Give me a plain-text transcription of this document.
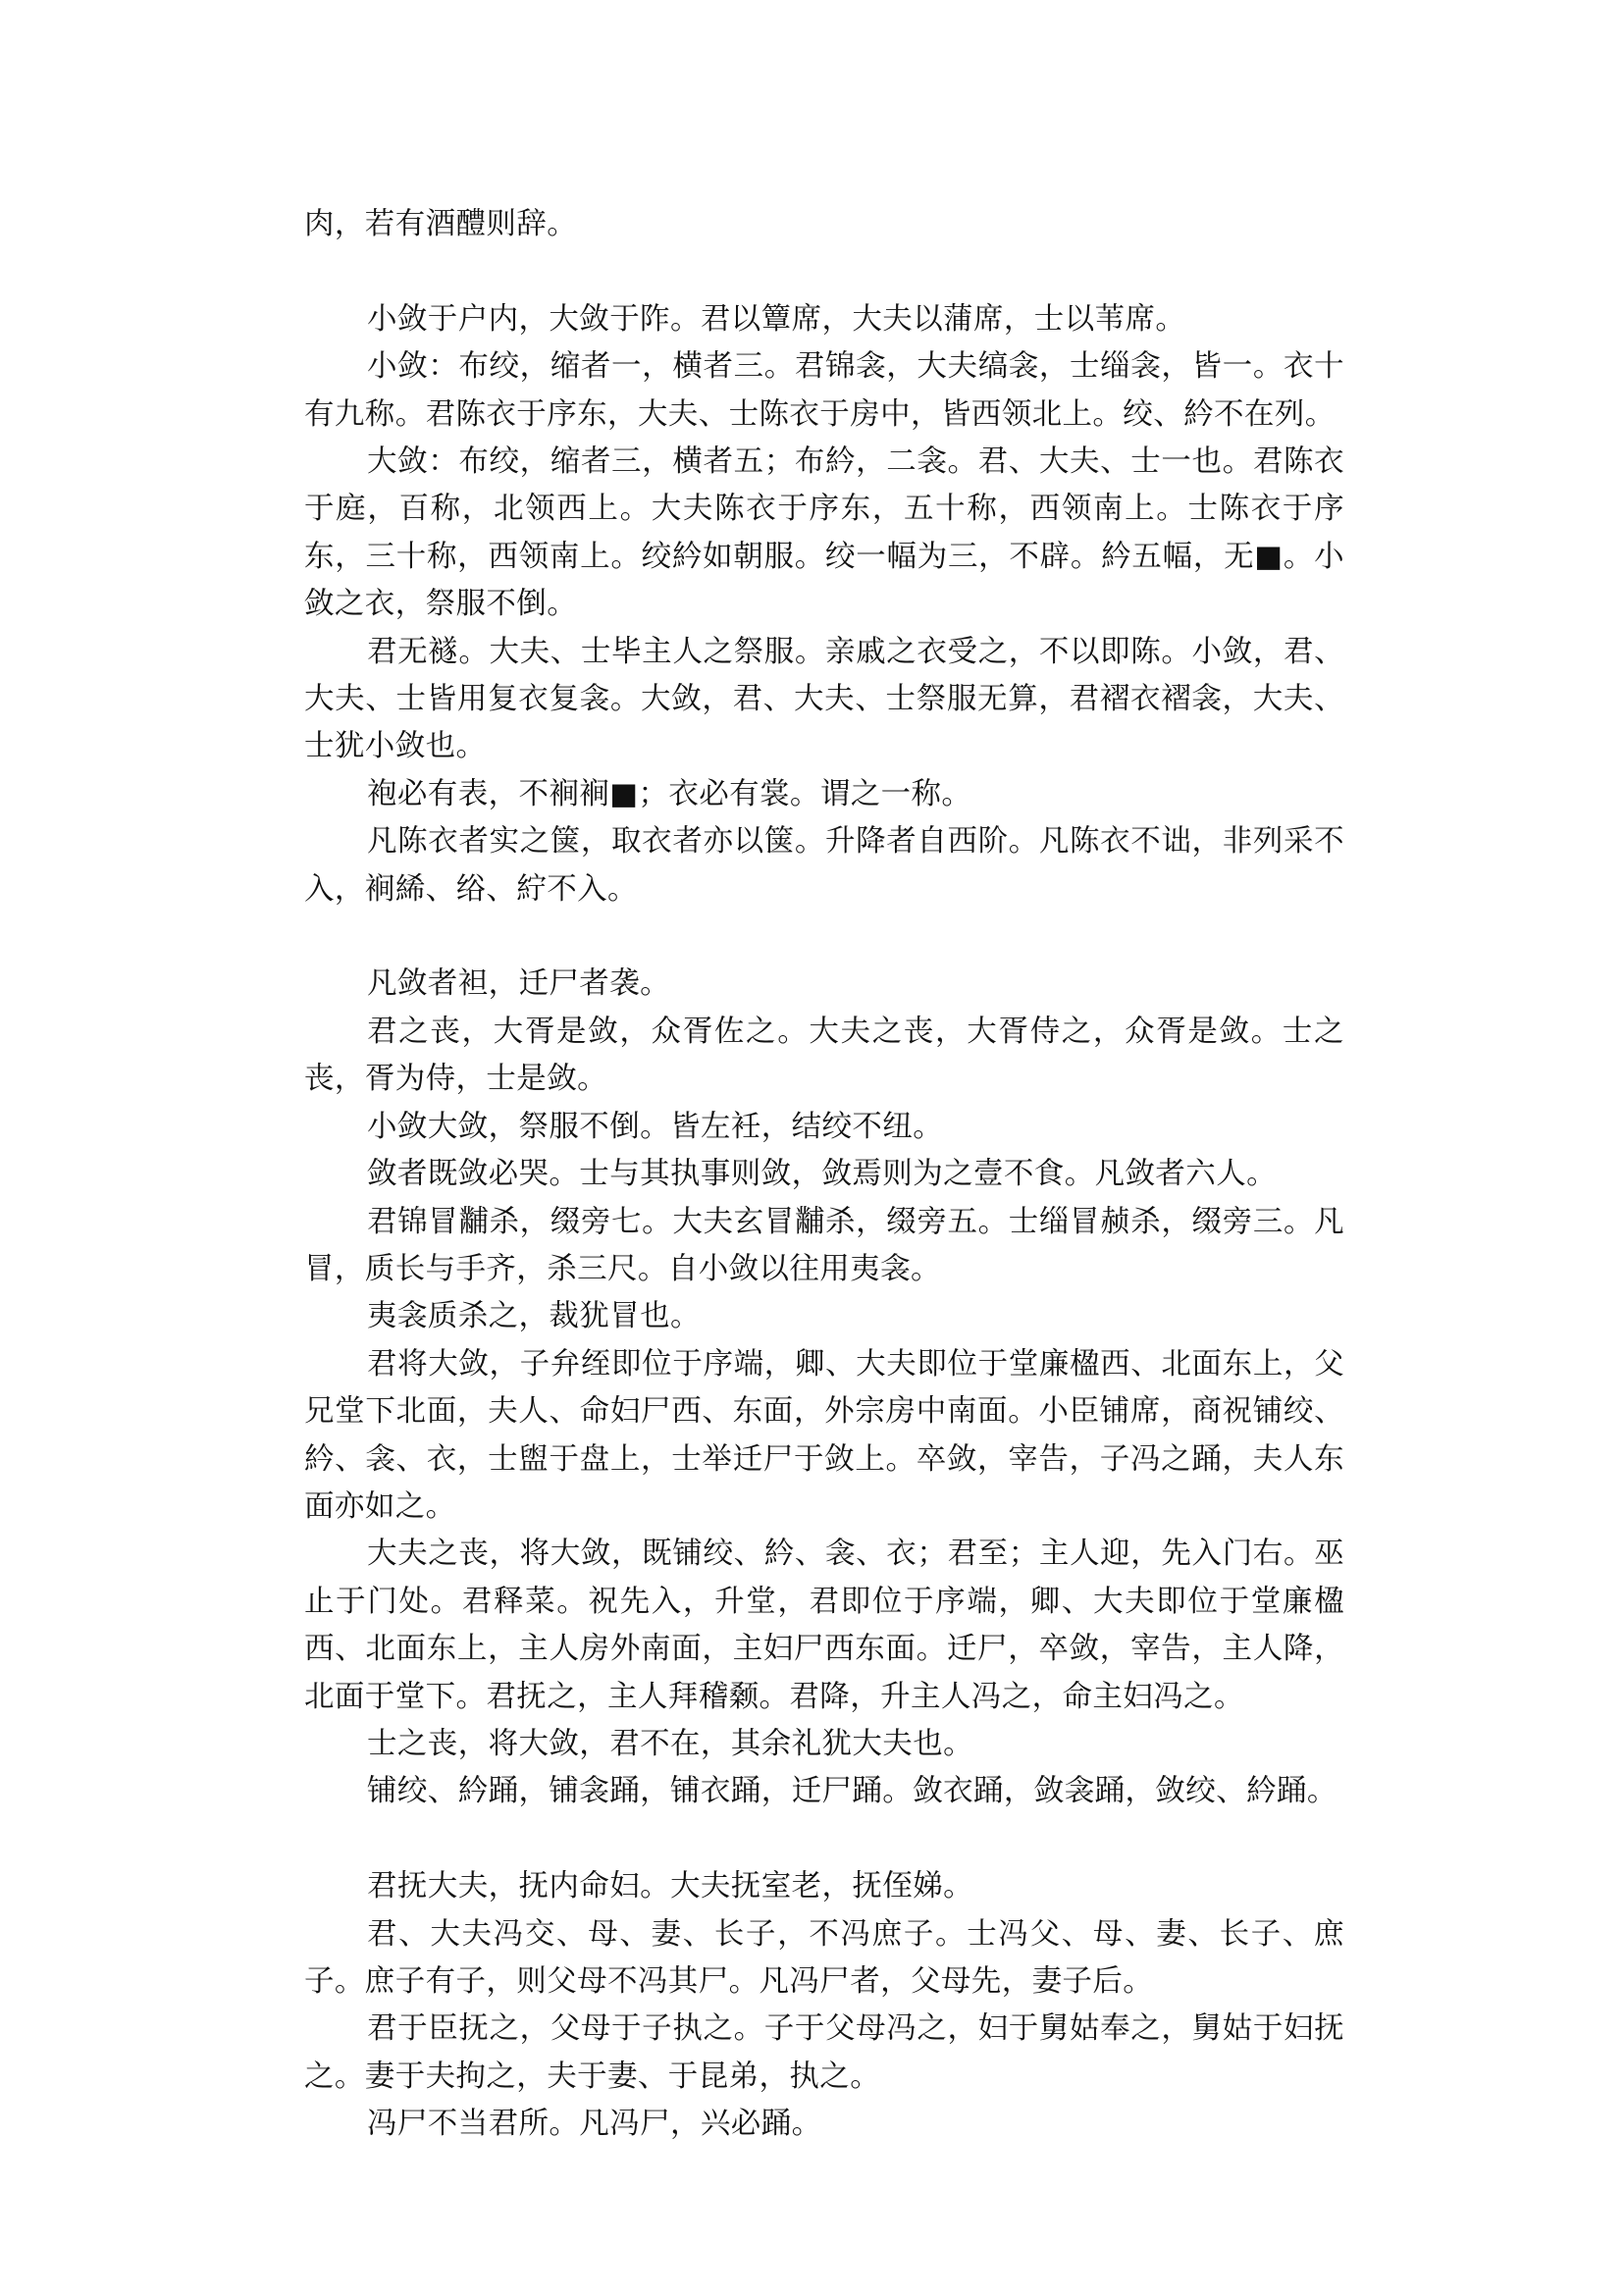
肉，若有酒醴则辞。

小敛于户内，大敛于阼。君以簟席，大夫以蒲席，士以苇席。

小敛：布绞，缩者一，横者三。君锦衾，大夫缟衾，士缁衾，皆一。衣十有九称。君陈衣于序东，大夫、士陈衣于房中，皆西领北上。绞、紟不在列。

大敛：布绞，缩者三，横者五；布紟，二衾。君、大夫、士一也。君陈衣于庭，百称，北领西上。大夫陈衣于序东，五十称，西领南上。士陈衣于序东，三十称，西领南上。绞紟如朝服。绞一幅为三，不辟。紟五幅，无■。小敛之衣，祭服不倒。

君无襚。大夫、士毕主人之祭服。亲戚之衣受之，不以即陈。小敛，君、大夫、士皆用复衣复衾。大敛，君、大夫、士祭服无算，君褶衣褶衾，大夫、士犹小敛也。

袍必有表，不裥裥■；衣必有裳。谓之一称。

凡陈衣者实之箧，取衣者亦以箧。升降者自西阶。凡陈衣不诎，非列采不入，裥絺、绤、紵不入。

凡敛者袒，迁尸者袭。

君之丧，大胥是敛，众胥佐之。大夫之丧，大胥侍之，众胥是敛。士之丧，胥为侍，士是敛。

小敛大敛，祭服不倒。皆左衽，结绞不纽。

敛者既敛必哭。士与其执事则敛，敛焉则为之壹不食。凡敛者六人。

君锦冒黼杀，缀旁七。大夫玄冒黼杀，缀旁五。士缁冒赪杀，缀旁三。凡冒，质长与手齐，杀三尺。自小敛以往用夷衾。

夷衾质杀之，裁犹冒也。

君将大敛，子弁绖即位于序端，卿、大夫即位于堂廉楹西、北面东上，父兄堂下北面，夫人、命妇尸西、东面，外宗房中南面。小臣铺席，商祝铺绞、紟、衾、衣，士盥于盘上，士举迁尸于敛上。卒敛，宰告，子冯之踊，夫人东面亦如之。

大夫之丧，将大敛，既铺绞、紟、衾、衣；君至；主人迎，先入门右。巫止于门处。君释菜。祝先入，升堂，君即位于序端，卿、大夫即位于堂廉楹西、北面东上，主人房外南面，主妇尸西东面。迁尸，卒敛，宰告，主人降，北面于堂下。君抚之，主人拜稽颡。君降，升主人冯之，命主妇冯之。

士之丧，将大敛，君不在，其余礼犹大夫也。

铺绞、紟踊，铺衾踊，铺衣踊，迁尸踊。敛衣踊，敛衾踊，敛绞、紟踊。

君抚大夫，抚内命妇。大夫抚室老，抚侄娣。

君、大夫冯交、母、妻、长子，不冯庶子。士冯父、母、妻、长子、庶子。庶子有子，则父母不冯其尸。凡冯尸者，父母先，妻子后。

君于臣抚之，父母于子执之。子于父母冯之，妇于舅姑奉之，舅姑于妇抚之。妻于夫拘之，夫于妻、于昆弟，执之。

冯尸不当君所。凡冯尸，兴必踊。
